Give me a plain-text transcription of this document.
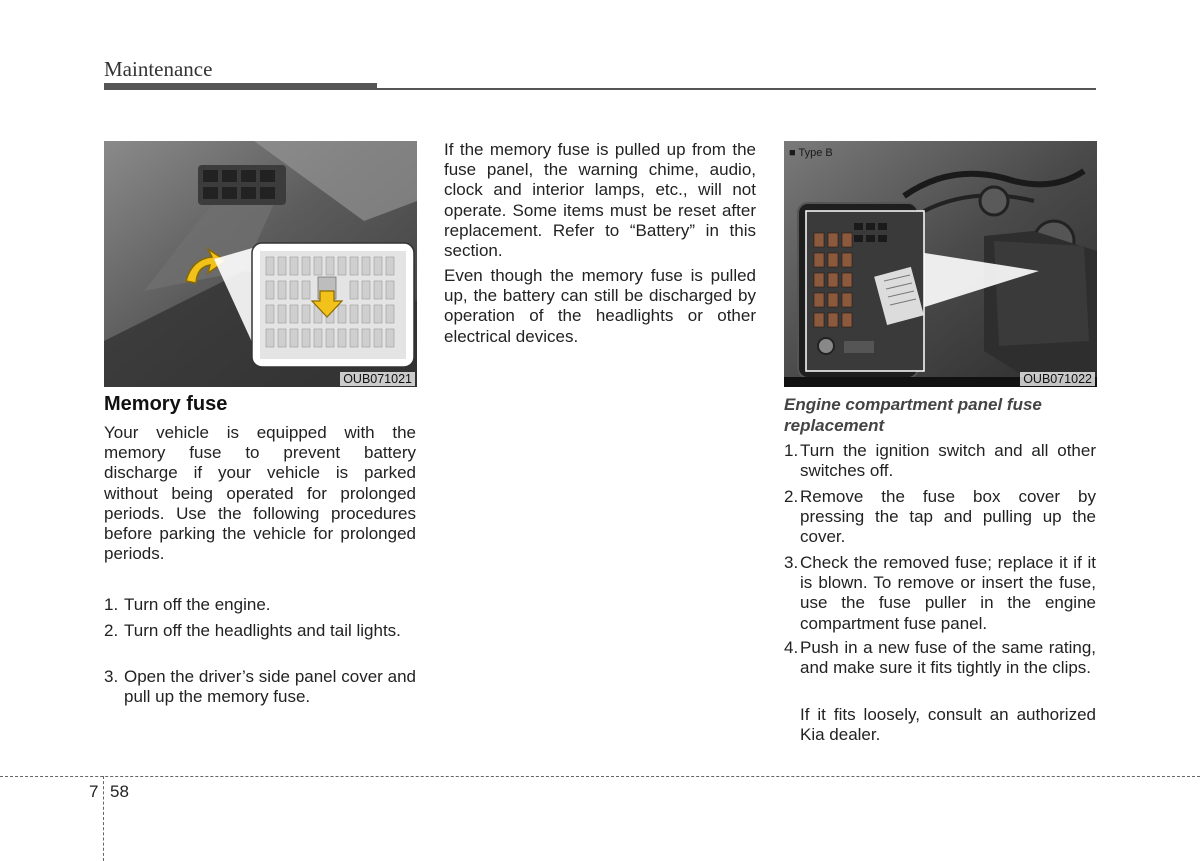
Maintenance
OUB071021
Memory fuse
Your vehicle is equipped with the memory fuse to prevent battery discharge if your vehicle is parked without being operated for prolonged periods. Use the following procedures before parking the vehicle for prolonged periods.
1. Turn off the engine.
2. Turn off the headlights and tail lights.
3. Open the driver’s side panel cover and pull up the memory fuse.
If the memory fuse is pulled up from the fuse panel, the warning chime, audio, clock and interior lamps, etc., will not operate. Some items must be reset after replacement. Refer to “Battery” in this section.
Even though the memory fuse is pulled up, the battery can still be discharged by operation of the headlights or other electrical devices.
■ Type B
OUB071022
Engine compartment panel fuse replacement
1. Turn the ignition switch and all other switches off.
2. Remove the fuse box cover by pressing the tap and pulling up the cover.
3. Check the removed fuse; replace it if it is blown. To remove or insert the fuse, use the fuse puller in the engine compartment fuse panel.
4. Push in a new fuse of the same rating, and make sure it fits tightly in the clips.
If it fits loosely, consult an authorized Kia dealer.
7 58
